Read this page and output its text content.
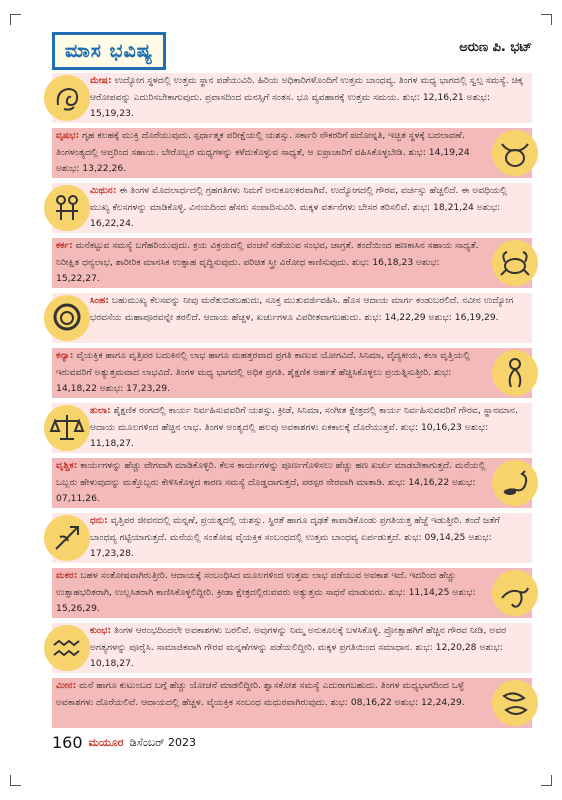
ಮಾಸ ಭವಿಷ್ಯ	ಅರುಣ ಪಿ. ಭಟ್
ಮೇಷ: ಉದ್ಯೋಗ ಸ್ಥಳದಲ್ಲಿ ಉತ್ತಮ ಸ್ಥಾನ ಪಡೆಯುವಿರಿ. ಹಿರಿಯ ಅಧಿಕಾರಿಗಳೊಂದಿಗೆ ಉತ್ತಮ ಬಾಂಧವ್ಯ. ತಿಂಗಳ ಮಧ್ಯ ಭಾಗದಲ್ಲಿ ಸ್ವಲ್ಪ ಸಮಸ್ಯೆ. ಚಿಕ್ಕ ಆರೋಪವನ್ನು ಎದುರಿಸಬೇಕಾಗುವುದು. ಪ್ರವಾಸದಿಂದ ಮನಸ್ಸಿಗೆ ಸಂತಸ. ಭೂ ವ್ಯವಹಾರಕ್ಕೆ ಉತ್ತಮ ಸಮಯ. ಶುಭ: 12,16,21 ಅಶುಭ: 15,19,23.
ವೃಷಭ: ಗೃಹ ಕಲಹಕ್ಕೆ ಮುಕ್ತಿ ದೊರೆಯುವುದು. ಸ್ಪರ್ಧಾತ್ಮಕ ಪರೀಕ್ಷೆಯಲ್ಲಿ ಯಶಸ್ಸು. ಸರ್ಕಾರಿ ನೌಕರರಿಗೆ ಪದೋನ್ನತಿ, ಇಚ್ಛಿತ ಸ್ಥಳಕ್ಕೆ ಬದಲಾವಣೆ. ತಿಂಗಳಂತ್ಯದಲ್ಲಿ ಆಪ್ತರಿಂದ ಸಹಾಯ. ಬೇರೊಬ್ಬರ ಮಧ್ಯಗಳನ್ನು ಕಳೆದುಕೊಳ್ಳುವ ಸಾಧ್ಯತೆ, ಆ ಐಪ್ರಾಚಾರಿಗೆ ವಹಿಸಿಕೊಳ್ಳಬೇಡಿ. ಶುಭ: 14,19,24 ಅಶುಭ: 13,22,26.
ಮಿಥುನ: ಈ ತಿಂಗಳ ಮೊದಲಾರ್ಧದಲ್ಲಿ ಗ್ರಹಗತಿಗಳು ನಿಮಗೆ ಅನುಕೂಲಕರವಾಗಿವೆ. ಉದ್ಯೋಗದಲ್ಲಿ ಗೌರವ, ವರ್ಚಸ್ಸು ಹೆಚ್ಚಲಿದೆ. ಈ ಅವಧಿಯಲ್ಲಿ ಮುಖ್ಯ ಕೆಲಸಗಳನ್ನು ಮಾಡಿಕೊಳ್ಳಿ. ವಿನಯದಿಂದ ಹೆಸರು ಸಂಪಾದಿಸುವಿರಿ. ಮಕ್ಕಳ ವರ್ತನೆಗಳು ಬೇಸರ ತರಿಸಲಿವೆ. ಶುಭ: 18,21,24 ಅಶುಭ: 16,22,24.
ಕರ್ಕ: ಮನೆಕಟ್ಟುವ ಸಮಸ್ಯೆ ಬಗೆಹರಿಯುವುದು. ಕ್ರಯ ವಿಕ್ರಯದಲ್ಲಿ ವಂಚನೆ ನಡೆಯುವ ಸಂಭವ, ಜಾಗ್ರತೆ. ತಂದೆಯಿಂದ ಹಣಕಾಸಿನ ಸಹಾಯ ಸಾಧ್ಯತೆ. ನಿರೀಕ್ಷಿತ ಧನ್ಯಲಾಭ, ಶಾರೀರಿಕ ಮಾನಸಿಕ ಉತ್ಸಾಹ ವೃದ್ಧಿಸುವುದು. ಪರಿಚಿತ ಸ್ತ್ರೀ ವಿರೋಧ ಕಾಣಿಸುವುದು. ಶುಭ: 16,18,23 ಅಶುಭ: 15,22,27.
ಸಿಂಹ: ಬಹುಮುಖ್ಯ ಕೆಲಸವನ್ನು ನೀವು ಮರೆತುಬಿಡಬಹುದು, ಸೂಕ್ತ ಮುತುವರ್ಜಿವಹಿಸಿ. ಹೊಸ ಆದಾಯ ಮಾರ್ಗ ಕಂಡುಬರಲಿದೆ. ನವೀನ ಉದ್ಯೋಗ ಭರವಸೆಯ ಮಹಾಪೂರವನ್ನೇ ತರಲಿದೆ. ಆದಾಯ ಹೆಚ್ಚಳ, ಖರ್ಚುಗಳೂ ವಿಪರೀತವಾಗಬಹುದು. ಶುಭ: 14,22,29 ಅಶುಭ: 16,19,29.
ಕನ್ಯಾ: ವೈಯಕ್ತಿಕ ಹಾಗೂ ವೃತ್ತಿಪರ ಬದುಕಿನಲ್ಲಿ ಲಾಭ ಹಾಗೂ ಮಹತ್ತರವಾದ ಪ್ರಗತಿ ಕಾಣುವ ಯೋಗವಿದೆ. ಸಿನಿಮಾ, ವೈದ್ಯಕೀಯ, ಕಲಾ ವೃತ್ತಿಯಲ್ಲಿ ಇರುವವರಿಗೆ ಅತ್ಯುತ್ತಮವಾದ ಲಾಭವಿದೆ. ತಿಂಗಳ ಮಧ್ಯ ಭಾಗದಲ್ಲಿ ಅಧಿಕ ಪ್ರಗತಿ. ಶೈಕ್ಷಣಿಕ ಅರ್ಹತೆ ಹೆಚ್ಚಿಸಿಕೊಳ್ಳಲು ಪ್ರಯತ್ನಿಸುತ್ತೀರಿ. ಶುಭ: 14,18,22 ಅಶುಭ: 17,23,29.
ತುಲಾ: ಶೈಕ್ಷಣಿಕ ರಂಗದಲ್ಲಿ ಕಾರ್ಯ ನಿರ್ವಹಿಸುವವರಿಗೆ ಯಶಸ್ಸು. ಕ್ರೀಡೆ, ಸಿನಿಮಾ, ಸಂಗೀತ ಕ್ಷೇತ್ರದಲ್ಲಿ ಕಾರ್ಯ ನಿರ್ವಹಿಸುವವರಿಗೆ ಗೌರವ, ಸ್ಥಾನಮಾನ. ಆದಾಯ ಮೂಲಗಳಿಂದ ಹೆಚ್ಚಿನ ಲಾಭ. ತಿಂಗಳ ಅಂತ್ಯದಲ್ಲಿ ಹಲವು ಅವಕಾಶಗಳು ಏಕಕಾಲಕ್ಕೆ ದೊರೆಯುತ್ತವೆ. ಶುಭ: 10,16,23 ಅಶುಭ: 11,18,27.
ವೃಶ್ಚಿಕ: ಕಾರ್ಯಗಳನ್ನು ಹೆಚ್ಚು ವೇಗವಾಗಿ ಮಾಡಿಕೊಳ್ಳಿರಿ. ಕೆಲಸ ಕಾರ್ಯಗಳನ್ನು ಪೂರ್ಣಗೊಳಿಸಲು ಹೆಚ್ಚು ಹಣ ಖರ್ಚು ಮಾಡಬೇಕಾಗುತ್ತದೆ. ಮನೆಯಲ್ಲಿ ಒಬ್ಬರು ಹೇಳುವುದನ್ನು ಮತ್ತೊಬ್ಬರು ಕೇಳಿಸಿಕೊಳ್ಳದ ಕಾರಣ ಸಮಸ್ಯೆ ದೊಡ್ಡದಾಗುತ್ತದೆ, ಪರಸ್ಪರ ನೇರವಾಗಿ ಮಾತಾಡಿ. ಶುಭ: 14,16,22 ಅಶುಭ: 07,11,26.
ಧನು: ವೃತ್ತಿಪರ ಜೀವನದಲ್ಲಿ ಮನ್ನಣೆ, ಪ್ರಯತ್ನದಲ್ಲಿ ಯಶಸ್ಸು. ಸ್ಥಿರತೆ ಹಾಗೂ ದೃಢತೆ ಕಾಪಾಡಿಕೊಂಡು ಪ್ರಗತಿಯತ್ತ ಹೆಜ್ಜೆ ಇಡುತ್ತೀರಿ. ತಂದೆ ಜತೆಗೆ ಬಾಂಧವ್ಯ ಗಟ್ಟಿಯಾಗುತ್ತದೆ. ಮನೆಯಲ್ಲಿ ಸಂತೋಷ ವೈಯಕ್ತಿಕ ಸಂಬಂಧದಲ್ಲಿ ಉತ್ತಮ ಬಾಂಧವ್ಯ ಏರ್ಪಡುತ್ತದೆ. ಶುಭ: 09,14,25 ಅಶುಭ: 17,23,28.
ಮಕರ: ಬಹಳ ಸಂತೋಷವಾಗಿರುತ್ತೀರಿ. ಆದಾಯಕ್ಕೆ ಸಂಬಂಧಿಸಿದ ಮೂಲಗಳಿಂದ ಉತ್ತಮ ಲಾಭ ಪಡೆಯುವ ಅವಕಾಶ ಇದೆ. ಇದರಿಂದ ಹೆಚ್ಚು ಉತ್ಸಾಹಭರಿತರಾಗಿ, ಉಲ್ಲಸಿತರಾಗಿ ಕಾಣಿಸಿಕೊಳ್ಳಲಿದ್ದೀರಿ. ಕ್ರೀಡಾ ಕ್ಷೇತ್ರದಲ್ಲಿರುವವರು ಅತ್ಯುತ್ತಮ ಸಾಧನೆ ಮಾಡುವರು. ಶುಭ: 11,14,25 ಅಶುಭ: 15,26,29.
ಕುಂಭ: ತಿಂಗಳ ಆರಂಭದಿಂದಲೇ ಅವಕಾಶಗಳು ಬರಲಿವೆ. ಅವುಗಳನ್ನು ನಿಮ್ಮ ಅನುಕೂಲಕ್ಕೆ ಬಳಸಿಕೊಳ್ಳಿ. ಪ್ರೋತ್ಸಾಹಗಿಗೆ ಹೆಚ್ಚಿನ ಗೌರವ ನೀಡಿ, ಅವರ ಅಗತ್ಯಗಳನ್ನು ಪೂರೈಸಿ. ಸಾಮಾಜಿಕವಾಗಿ ಗೌರವ ಮನ್ನಣೆಗಳನ್ನು ಪಡೆಯಲಿದ್ದೀರಿ. ಮಕ್ಕಳ ಪ್ರಗತಿಯಿಂದ ಸಮಾಧಾನ. ಶುಭ: 12,20,28 ಅಶುಭ: 10,18,27.
ಮೀನ: ಮನೆ ಹಾಗೂ ಕುಟುಂಬದ ಬಗ್ಗೆ ಹೆಚ್ಚು ಯೋಚನೆ ಮಾಡಲಿದ್ದೀರಿ. ಶ್ವಾಸಕೋಶ ಸಮಸ್ಯೆ ಎದುರಾಗಬಹುದು. ತಿಂಗಳ ಮಧ್ಯಭಾಗದಿಂದ ಒಳ್ಳೆ ಅವಕಾಶಗಳು ದೊರೆಯಲಿವೆ. ಆದಾಯದಲ್ಲಿ ಹೆಚ್ಚಳ. ವೈಯಕ್ತಿಕ ಸಂಬಂಧ ಮಧುರವಾಗಿರುವುದು. ಶುಭ: 08,16,22 ಅಶುಭ: 12,24,29.
160 ಮಯೂರ ಡಿಸೆಂಬರ್ 2023
